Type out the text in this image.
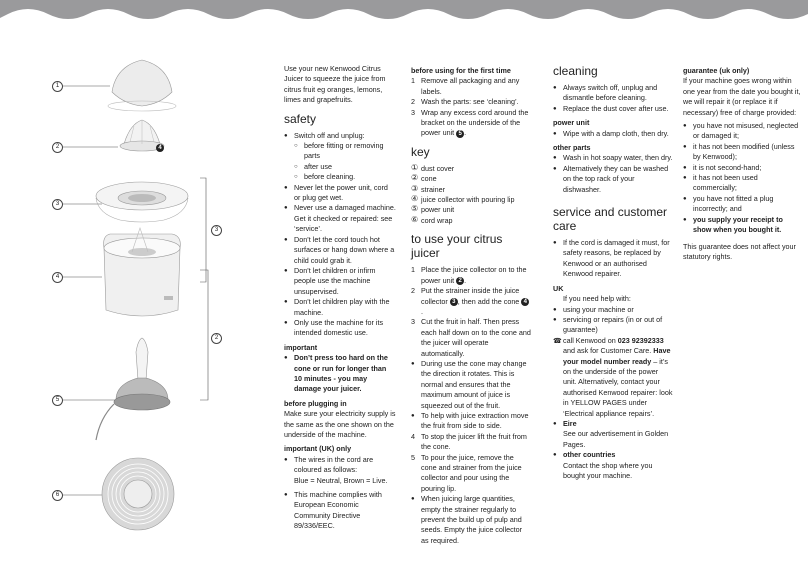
1
2
3
4
5
6
4
3
2

Use your new Kenwood Citrus Juicer to squeeze the juice from citrus fruit eg oranges, lemons, limes and grapefruits.

safety
● Switch off and unplug:
○ before fitting or removing parts
○ after use
○ before cleaning.
● Never let the power unit, cord or plug get wet.
● Never use a damaged machine. Get it checked or repaired: see ‘service’.
● Don’t let the cord touch hot surfaces or hang down where a child could grab it.
● Don’t let children or infirm people use the machine unsupervised.
● Don’t let children play with the machine.
● Only use the machine for its intended domestic use.
important
● Don’t press too hard on the cone or run for longer than 10 minutes - you may damage your juicer.
before plugging in

Make sure your electricity supply is the same as the one shown on the underside of the machine.

important (UK) only
● The wires in the cord are coloured as follows:
Blue = Neutral, Brown = Live.
● This machine complies with European Economic Community Directive 89/336/EEC.
before using for the first time
1 Remove all packaging and any labels.
2 Wash the parts: see ‘cleaning’.
3 Wrap any excess cord around the bracket on the underside of the power unit 5 .
key
① dust cover
② cone
③ strainer
④ juice collector with pouring lip
⑤ power unit
⑥ cord wrap
to use your citrus juicer
1 Place the juice collector on to the power unit 2 .
2 Put the strainer inside the juice collector 3 , then add the cone 4.
3 Cut the fruit in half. Then press each half down on to the cone and the juicer will operate automatically.
● During use the cone may change the direction it rotates. This is normal and ensures that the maximum amount of juice is squeezed out of the fruit.
● To help with juice extraction move the fruit from side to side.
4 To stop the juicer lift the fruit from the cone.
5 To pour the juice, remove the cone and strainer from the juice collector and pour using the pouring lip.
● When juicing large quantities, empty the strainer regularly to prevent the build up of pulp and seeds. Empty the juice collector as required.
cleaning
● Always switch off, unplug and dismantle before cleaning.
● Replace the dust cover after use.
power unit
● Wipe with a damp cloth, then dry.
other parts
● Wash in hot soapy water, then dry.
● Alternatively they can be washed on the top rack of your dishwasher.
service and customer care
● If the cord is damaged it must, for safety reasons, be replaced by Kenwood or an authorised Kenwood repairer.
UK

If you need help with:

● using your machine or
● servicing or repairs (in or out of guarantee)
☎ call Kenwood on 023 92392333 and ask for Customer Care. Have your model number ready – it’s on the underside of the power unit. Alternatively, contact your authorised Kenwood repairer: look in YELLOW PAGES under ‘Electrical appliance repairs’.
● Eire
See our advertisement in Golden Pages.
● other countries
Contact the shop where you bought your machine.
guarantee (uk only)

If your machine goes wrong within one year from the date you bought it, we will repair it (or replace it if necessary) free of charge provided:

● you have not misused, neglected or damaged it;
● it has not been modified (unless by Kenwood);
● it is not second-hand;
● it has not been used commercially;
● you have not fitted a plug incorrectly; and
● you supply your receipt to show when you bought it.

This guarantee does not affect your statutory rights.
